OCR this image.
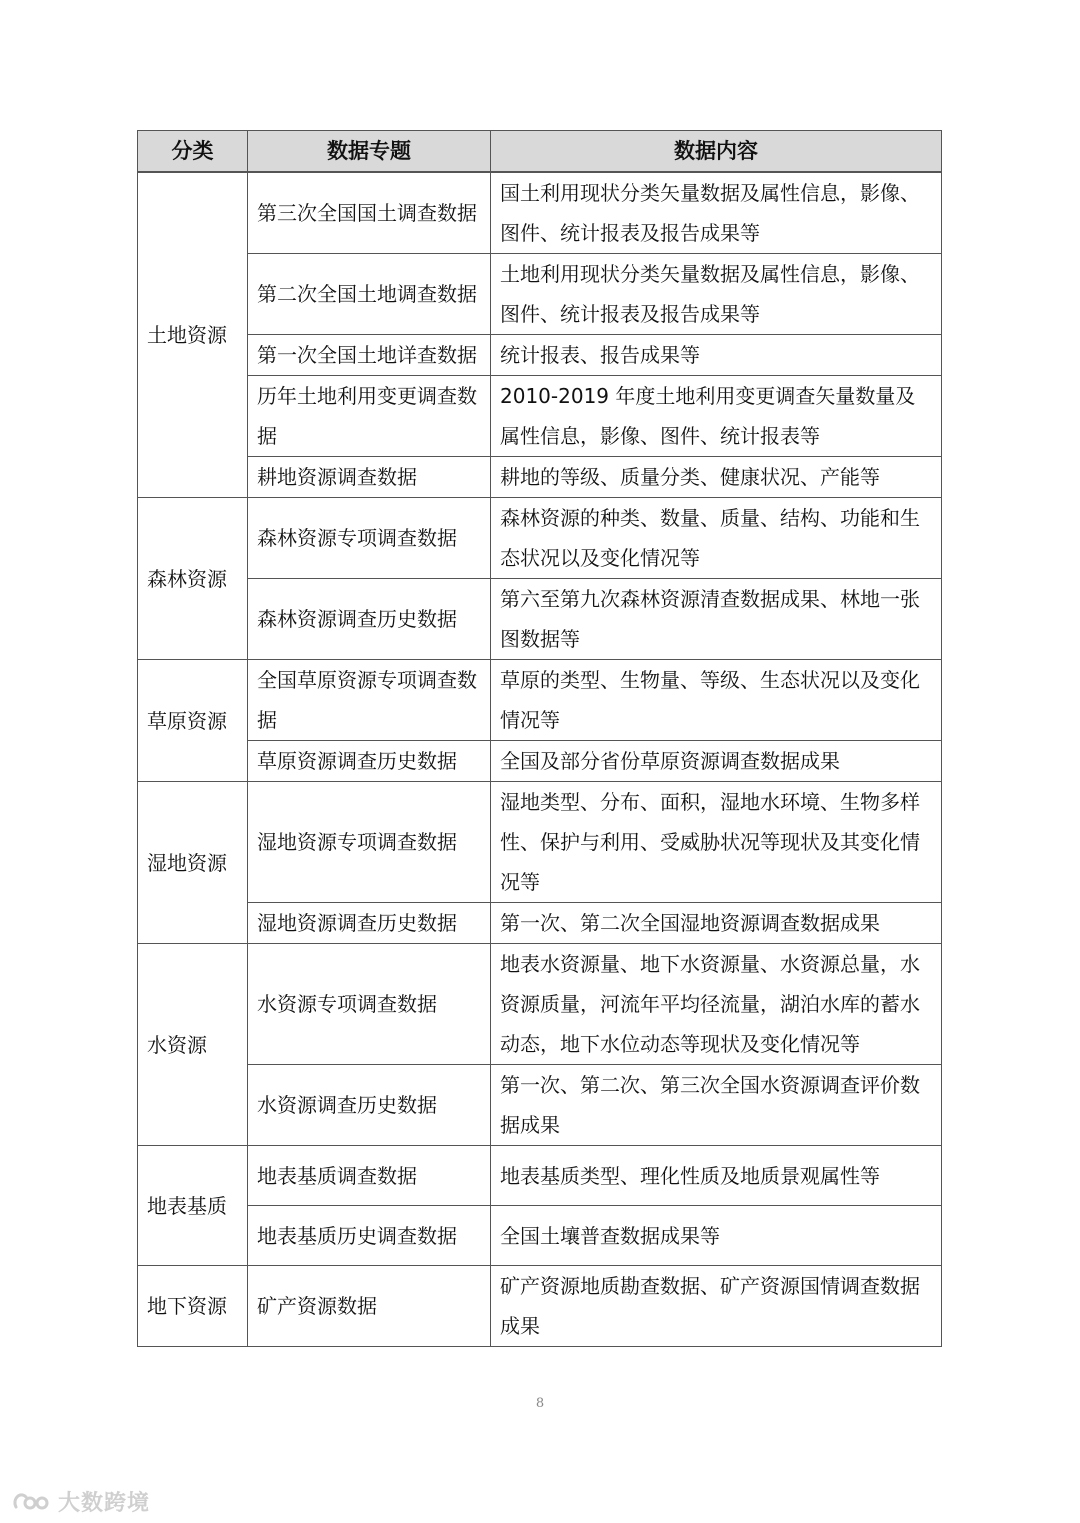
分类	数据专题	数据内容
土地资源	第三次全国国土调查数据	国土利用现状分类矢量数据及属性信息，影像、图件、统计报表及报告成果等
	第二次全国土地调查数据	土地利用现状分类矢量数据及属性信息，影像、图件、统计报表及报告成果等
	第一次全国土地详查数据	统计报表、报告成果等
	历年土地利用变更调查数据	2010-2019 年度土地利用变更调查矢量数量及属性信息，影像、图件、统计报表等
	耕地资源调查数据	耕地的等级、质量分类、健康状况、产能等
森林资源	森林资源专项调查数据	森林资源的种类、数量、质量、结构、功能和生态状况以及变化情况等
	森林资源调查历史数据	第六至第九次森林资源清查数据成果、林地一张图数据等
草原资源	全国草原资源专项调查数据	草原的类型、生物量、等级、生态状况以及变化情况等
	草原资源调查历史数据	全国及部分省份草原资源调查数据成果
湿地资源	湿地资源专项调查数据	湿地类型、分布、面积，湿地水环境、生物多样性、保护与利用、受威胁状况等现状及其变化情况等
	湿地资源调查历史数据	第一次、第二次全国湿地资源调查数据成果
水资源	水资源专项调查数据	地表水资源量、地下水资源量、水资源总量，水资源质量，河流年平均径流量，湖泊水库的蓄水动态，地下水位动态等现状及变化情况等
	水资源调查历史数据	第一次、第二次、第三次全国水资源调查评价数据成果
地表基质	地表基质调查数据	地表基质类型、理化性质及地质景观属性等
	地表基质历史调查数据	全国土壤普查数据成果等
地下资源	矿产资源数据	矿产资源地质勘查数据、矿产资源国情调查数据成果
8
大数跨境
